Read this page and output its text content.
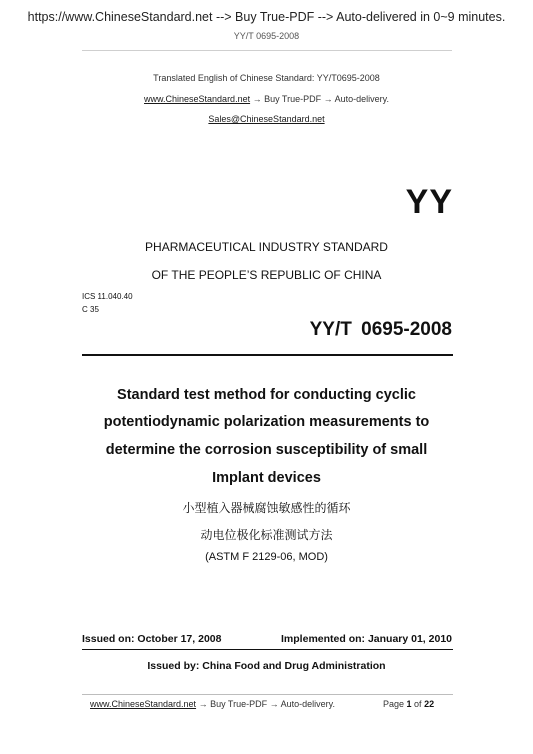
https://www.ChineseStandard.net --> Buy True-PDF --> Auto-delivered in 0~9 minutes.
YY/T 0695-2008
Translated English of Chinese Standard: YY/T0695-2008
www.ChineseStandard.net → Buy True-PDF → Auto-delivery.
Sales@ChineseStandard.net
YY
PHARMACEUTICAL INDUSTRY STANDARD
OF THE PEOPLE’S REPUBLIC OF CHINA
ICS 11.040.40
C 35
YY/T 0695-2008
Standard test method for conducting cyclic
potentiodynamic polarization measurements to
determine the corrosion susceptibility of small
Implant devices
小型植入器械腐蚀敏感性的循环
动电位极化标准测试方法
(ASTM F 2129-06, MOD)
Issued on: October 17, 2008	Implemented on: January 01, 2010
Issued by: China Food and Drug Administration
www.ChineseStandard.net → Buy True-PDF → Auto-delivery.	Page 1 of 22
